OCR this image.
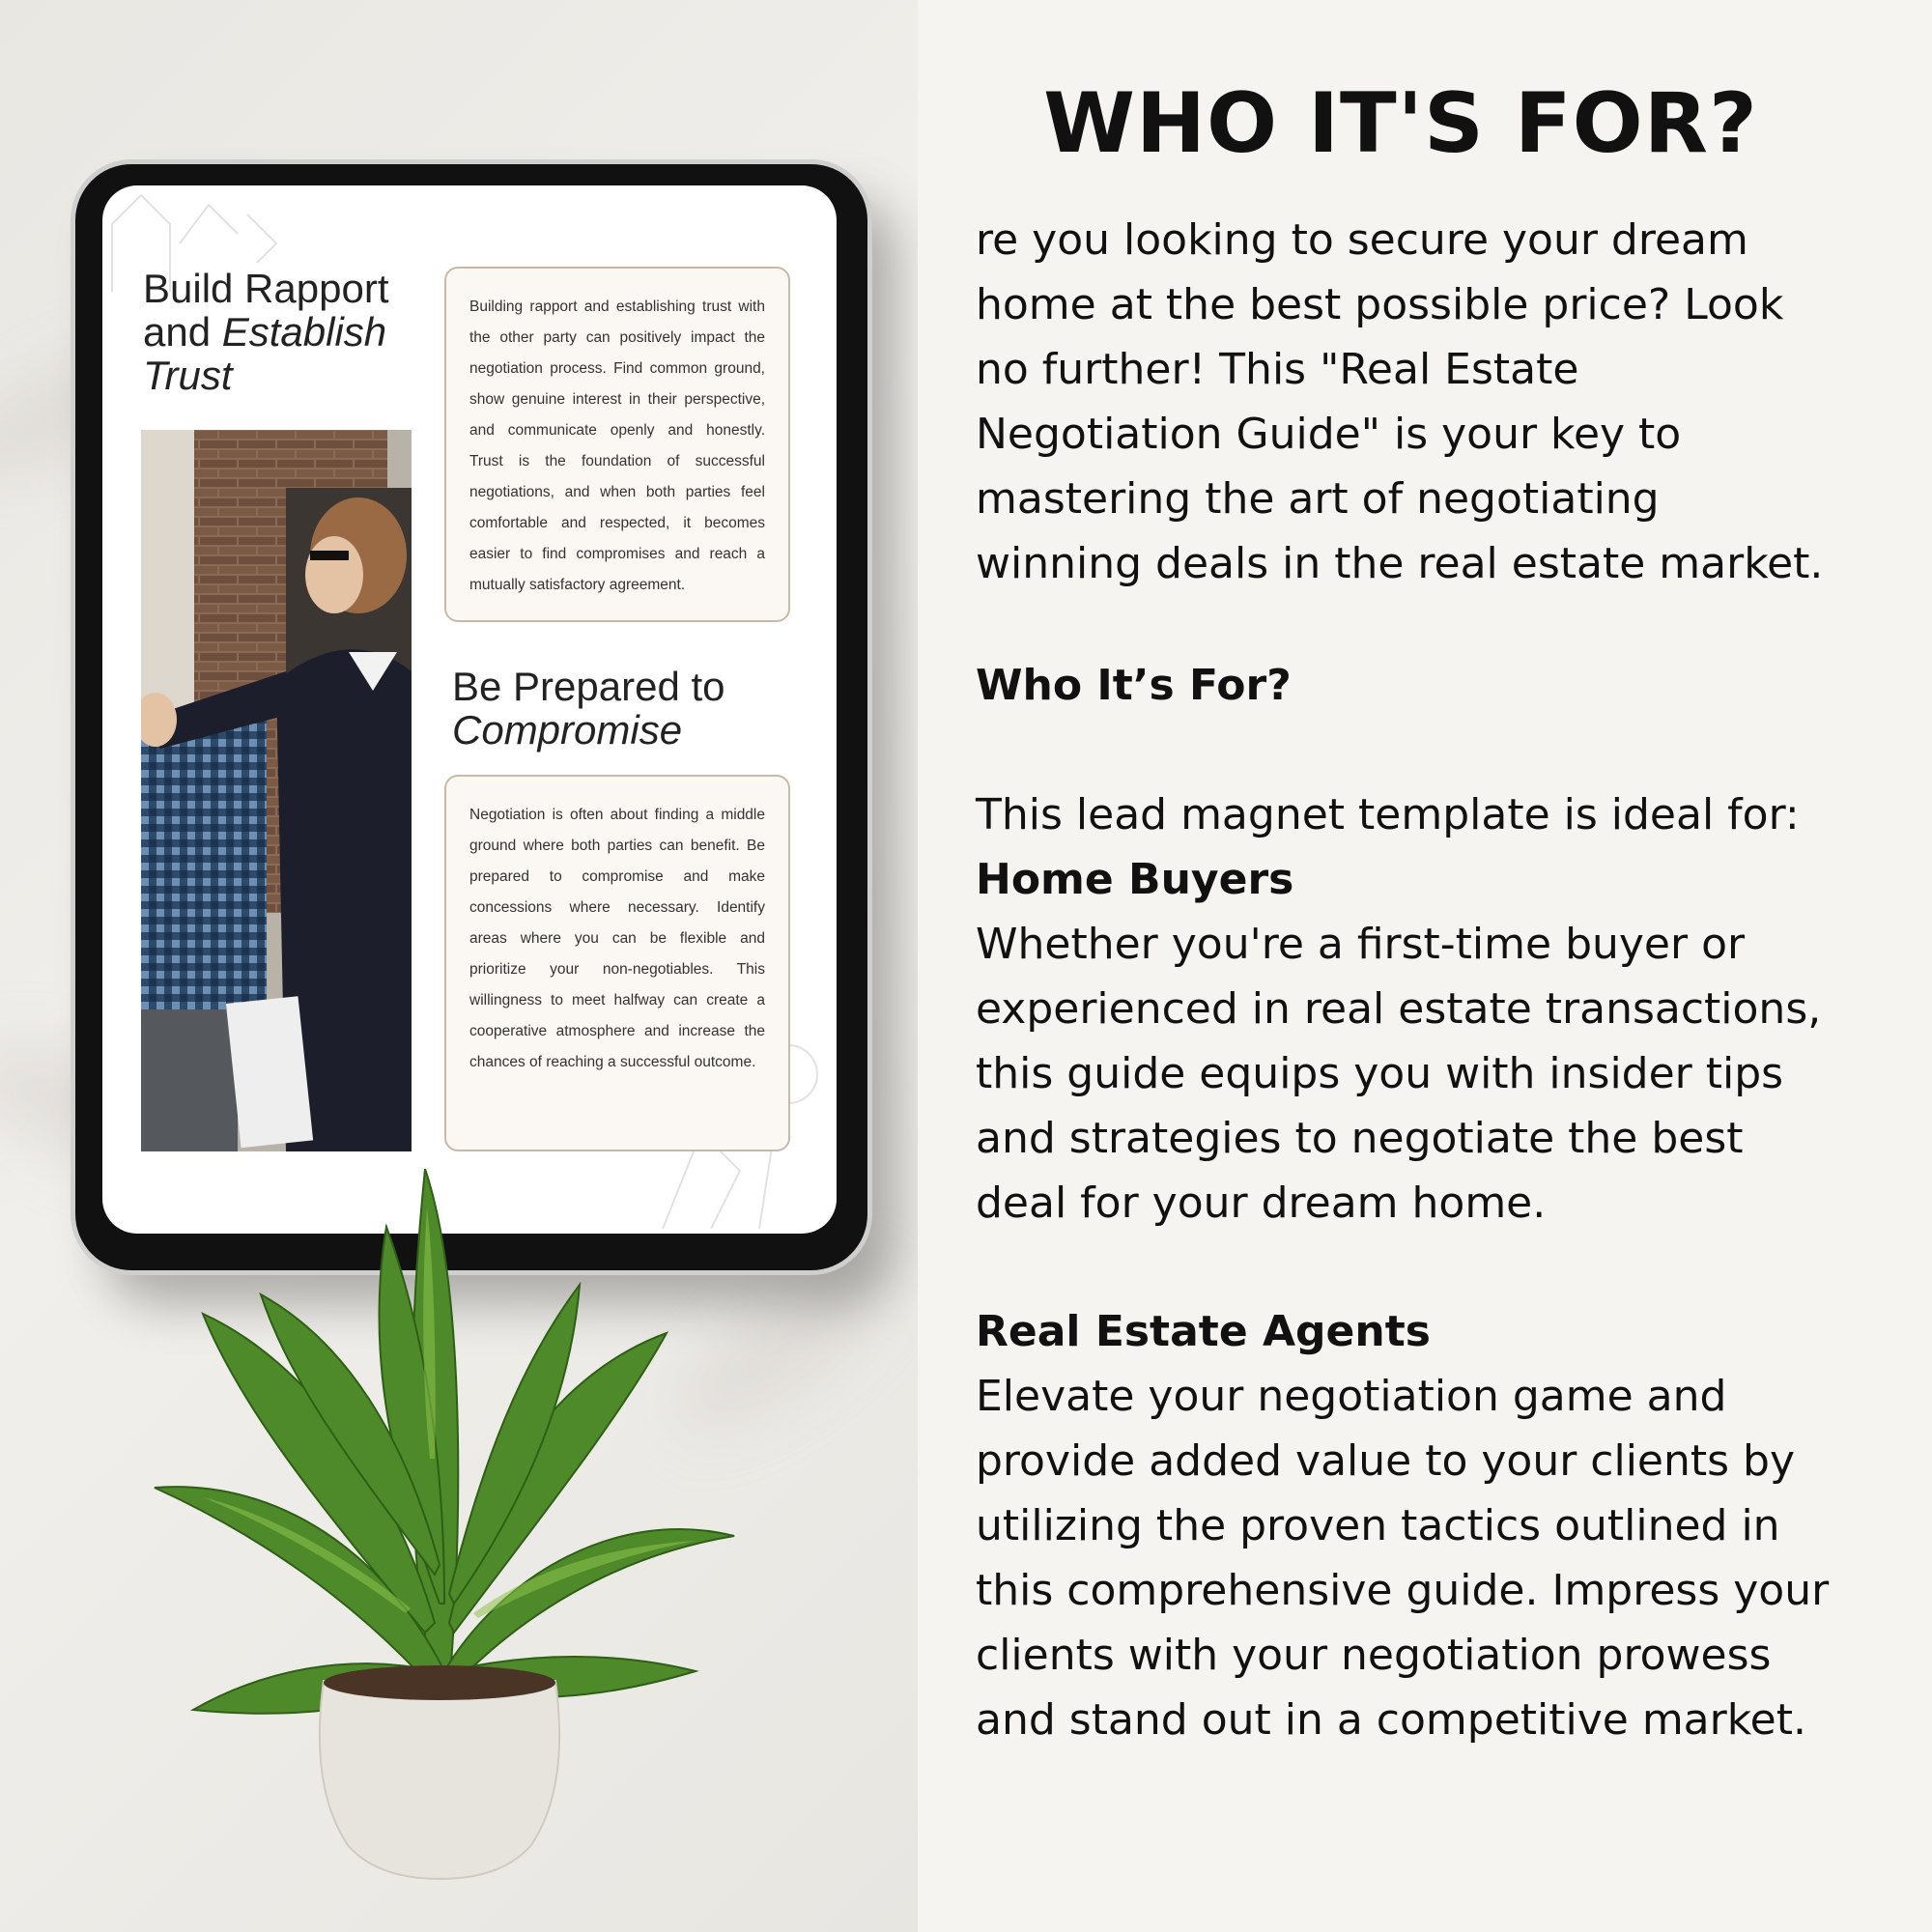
Build Rapport
and Establish
Trust
Building rapport and establishing trust with the other party can positively impact the negotiation process. Find common ground, show genuine interest in their perspective, and communicate openly and honestly. Trust is the foundation of successful negotiations, and when both parties feel comfortable and respected, it becomes easier to find compromises and reach a mutually satisfactory agreement.
Be Prepared to
Compromise
Negotiation is often about finding a middle ground where both parties can benefit. Be prepared to compromise and make concessions where necessary. Identify areas where you can be flexible and prioritize your non-negotiables. This willingness to meet halfway can create a cooperative atmosphere and increase the chances of reaching a successful outcome.
WHO IT'S FOR?

re you looking to secure your dream

home at the best possible price? Look

no further! This "Real Estate

Negotiation Guide" is your key to

mastering the art of negotiating

winning deals in the real estate market.

Who It’s For?

This lead magnet template is ideal for:

Home Buyers

Whether you're a first-time buyer or

experienced in real estate transactions,

this guide equips you with insider tips

and strategies to negotiate the best

deal for your dream home.

Real Estate Agents

Elevate your negotiation game and

provide added value to your clients by

utilizing the proven tactics outlined in

this comprehensive guide. Impress your

clients with your negotiation prowess

and stand out in a competitive market.
